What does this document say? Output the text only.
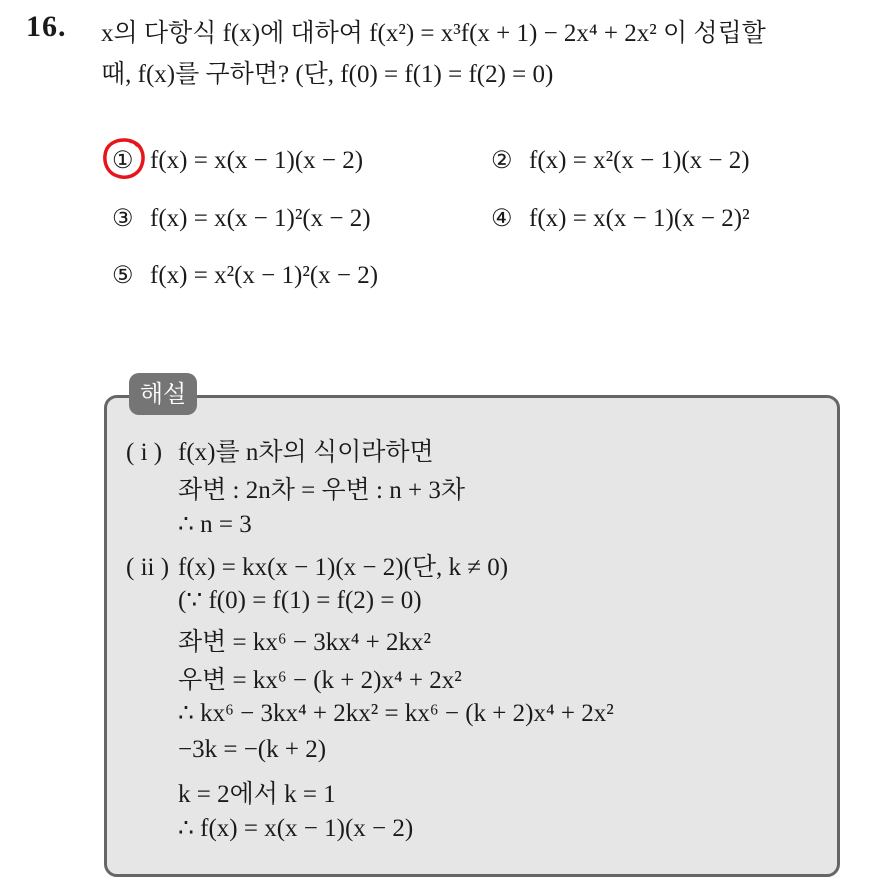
16. x의 다항식 f(x)에 대하여 f(x²) = x³f(x + 1) − 2x⁴ + 2x² 이 성립할
때, f(x)를 구하면? (단, f(0) = f(1) = f(2) = 0)
① f(x) = x(x − 1)(x − 2)	② f(x) = x²(x − 1)(x − 2)
③ f(x) = x(x − 1)²(x − 2)	④ f(x) = x(x − 1)(x − 2)²
⑤ f(x) = x²(x − 1)²(x − 2)
해설
( i ) f(x)를 n차의 식이라하면
좌변 : 2n차 = 우변 : n + 3차
∴ n = 3
( ii ) f(x) = kx(x − 1)(x − 2)(단, k ≠ 0)
(∵ f(0) = f(1) = f(2) = 0)
좌변 = kx⁶ − 3kx⁴ + 2kx²
우변 = kx⁶ − (k + 2)x⁴ + 2x²
∴ kx⁶ − 3kx⁴ + 2kx² = kx⁶ − (k + 2)x⁴ + 2x²
−3k = −(k + 2)
k = 2에서 k = 1
∴ f(x) = x(x − 1)(x − 2)
